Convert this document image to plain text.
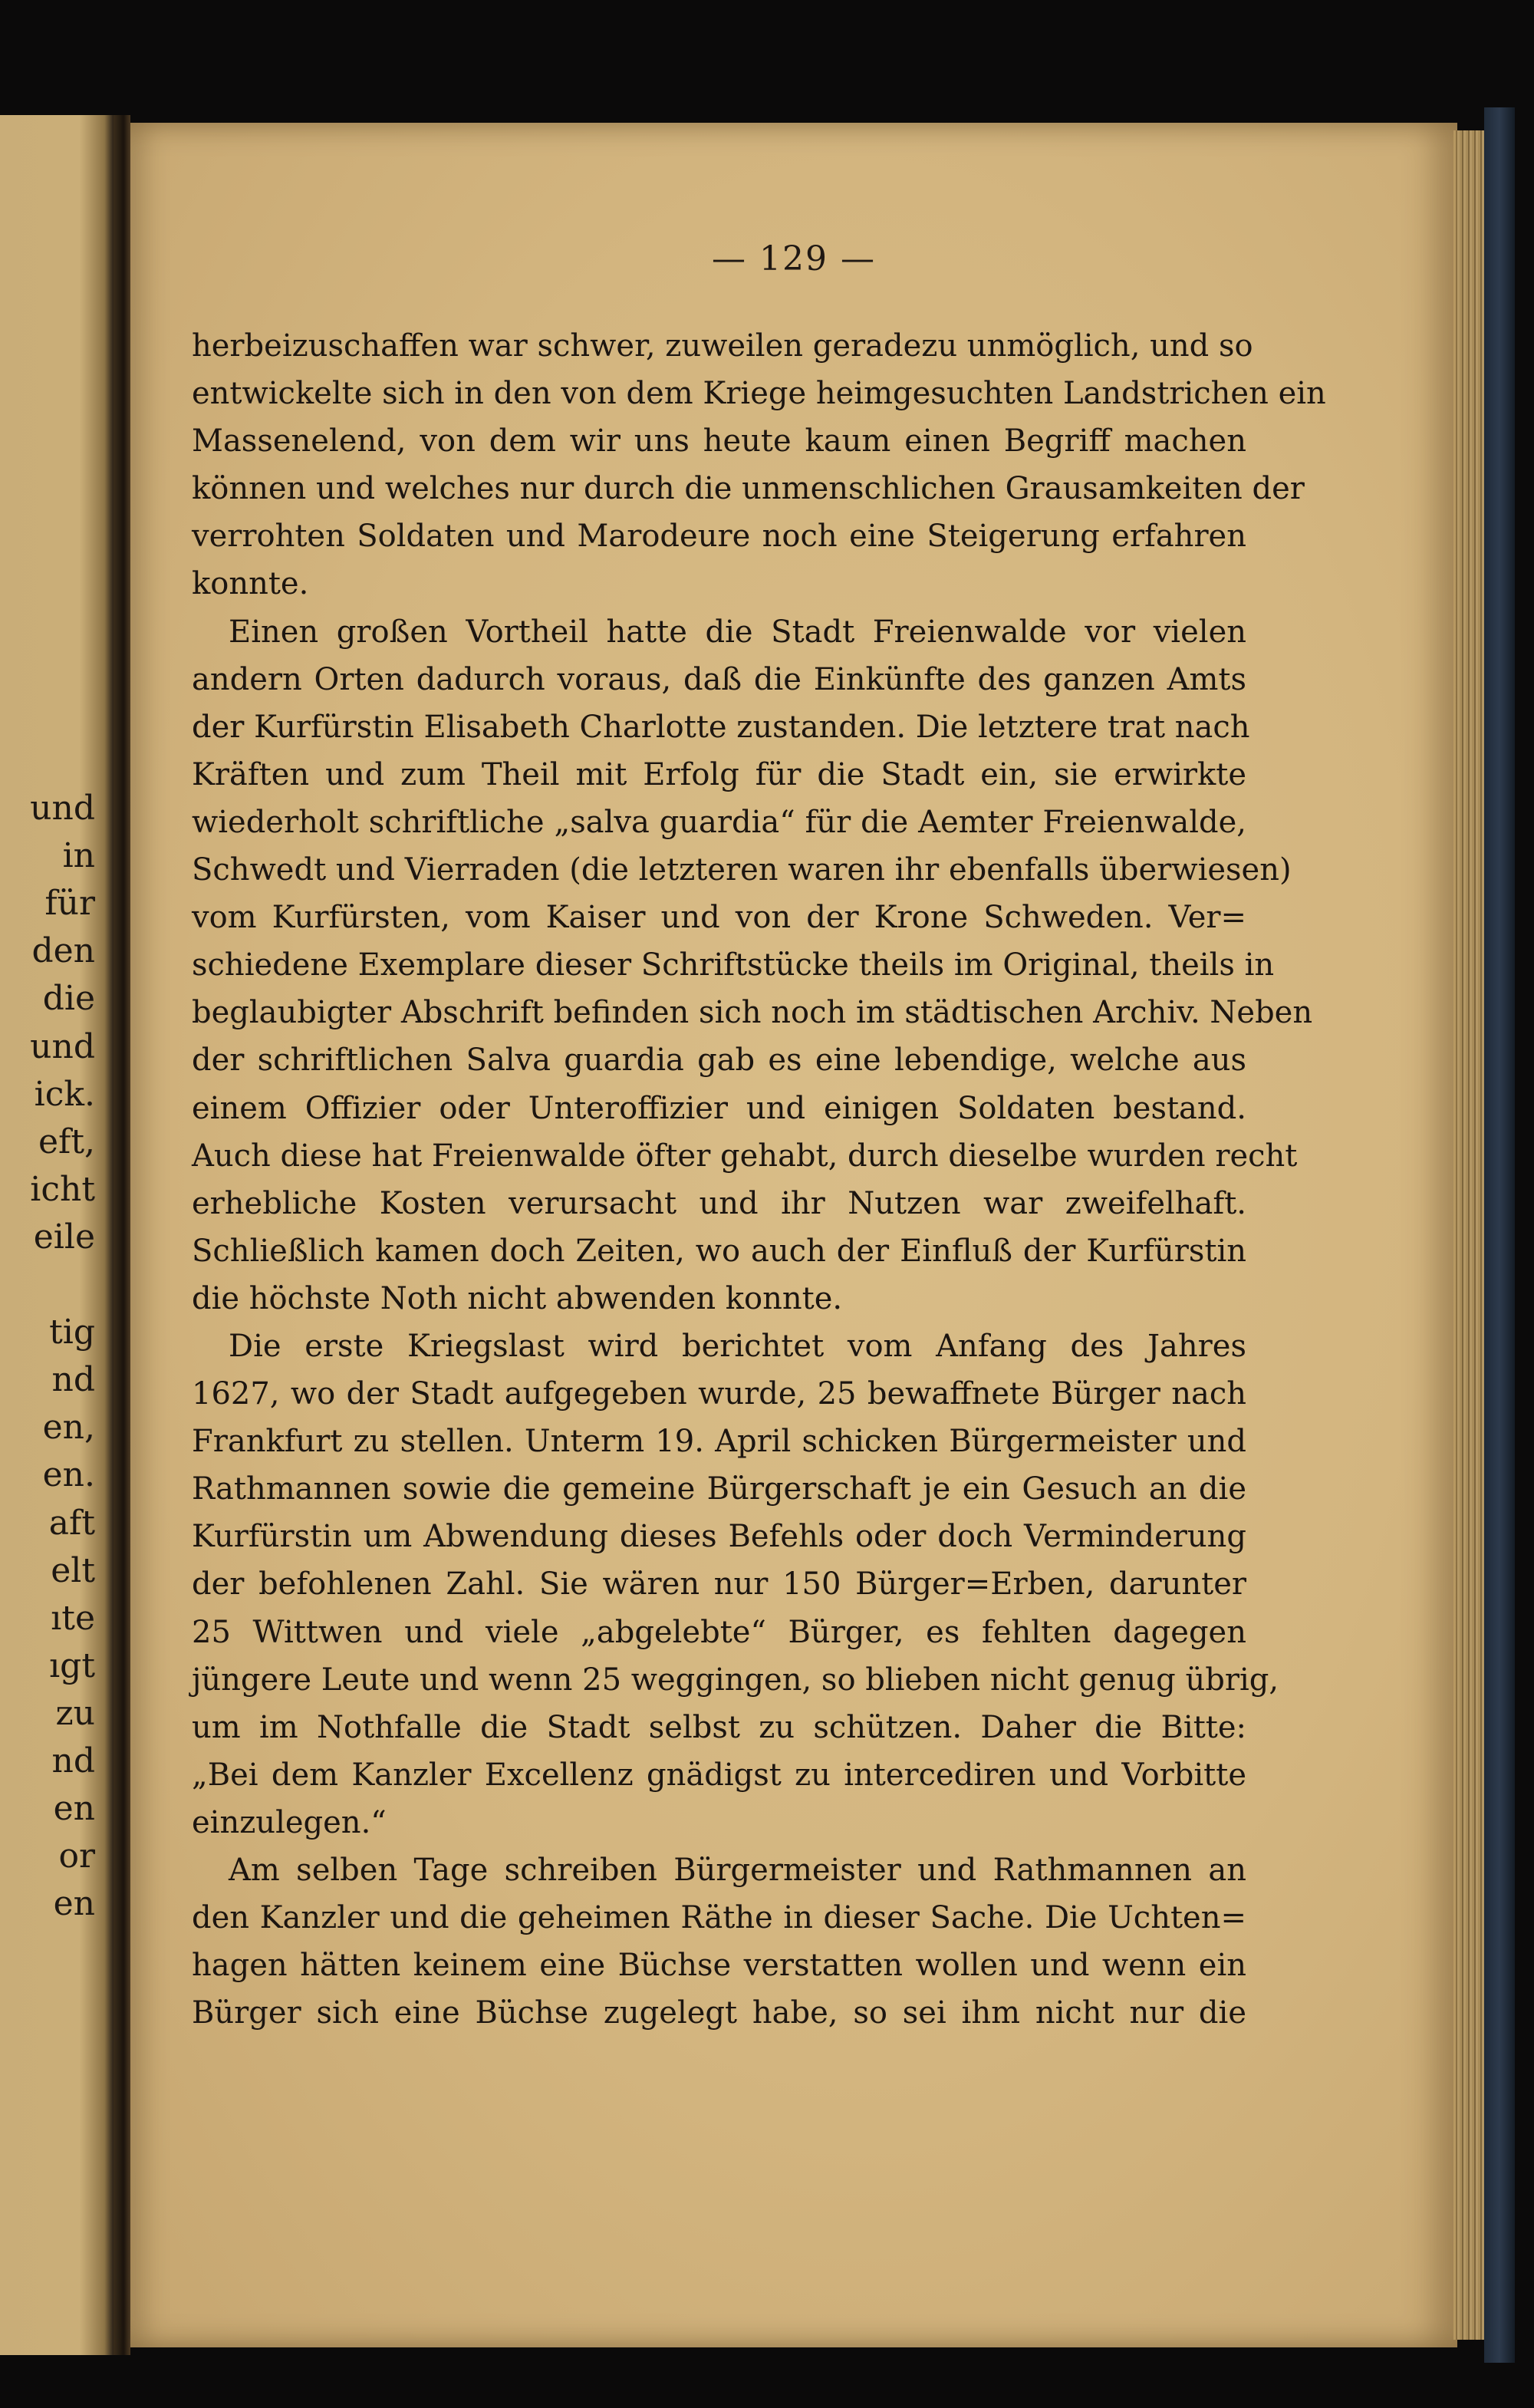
und
in
für
den
die
und
ick.
eft,
icht
eile
tig
nd
en,
en.
aft
elt
ıte
ıgt
zu
nd
en
or
en
— 129 —
herbeizuschaffen war schwer, zuweilen geradezu unmöglich, und so
entwickelte sich in den von dem Kriege heimgesuchten Landstrichen ein
Massenelend, von dem wir uns heute kaum einen Begriff machen
können und welches nur durch die unmenschlichen Grausamkeiten der
verrohten Soldaten und Marodeure noch eine Steigerung erfahren
konnte.
Einen großen Vortheil hatte die Stadt Freienwalde vor vielen
andern Orten dadurch voraus, daß die Einkünfte des ganzen Amts
der Kurfürstin Elisabeth Charlotte zustanden. Die letztere trat nach
Kräften und zum Theil mit Erfolg für die Stadt ein, sie erwirkte
wiederholt schriftliche „salva guardia“ für die Aemter Freienwalde,
Schwedt und Vierraden (die letzteren waren ihr ebenfalls überwiesen)
vom Kurfürsten, vom Kaiser und von der Krone Schweden. Ver=
schiedene Exemplare dieser Schriftstücke theils im Original, theils in
beglaubigter Abschrift befinden sich noch im städtischen Archiv. Neben
der schriftlichen Salva guardia gab es eine lebendige, welche aus
einem Offizier oder Unteroffizier und einigen Soldaten bestand.
Auch diese hat Freienwalde öfter gehabt, durch dieselbe wurden recht
erhebliche Kosten verursacht und ihr Nutzen war zweifelhaft.
Schließlich kamen doch Zeiten, wo auch der Einfluß der Kurfürstin
die höchste Noth nicht abwenden konnte.
Die erste Kriegslast wird berichtet vom Anfang des Jahres
1627, wo der Stadt aufgegeben wurde, 25 bewaffnete Bürger nach
Frankfurt zu stellen. Unterm 19. April schicken Bürgermeister und
Rathmannen sowie die gemeine Bürgerschaft je ein Gesuch an die
Kurfürstin um Abwendung dieses Befehls oder doch Verminderung
der befohlenen Zahl. Sie wären nur 150 Bürger=Erben, darunter
25 Wittwen und viele „abgelebte“ Bürger, es fehlten dagegen
jüngere Leute und wenn 25 weggingen, so blieben nicht genug übrig,
um im Nothfalle die Stadt selbst zu schützen. Daher die Bitte:
„Bei dem Kanzler Excellenz gnädigst zu intercediren und Vorbitte
einzulegen.“
Am selben Tage schreiben Bürgermeister und Rathmannen an
den Kanzler und die geheimen Räthe in dieser Sache. Die Uchten=
hagen hätten keinem eine Büchse verstatten wollen und wenn ein
Bürger sich eine Büchse zugelegt habe, so sei ihm nicht nur die
